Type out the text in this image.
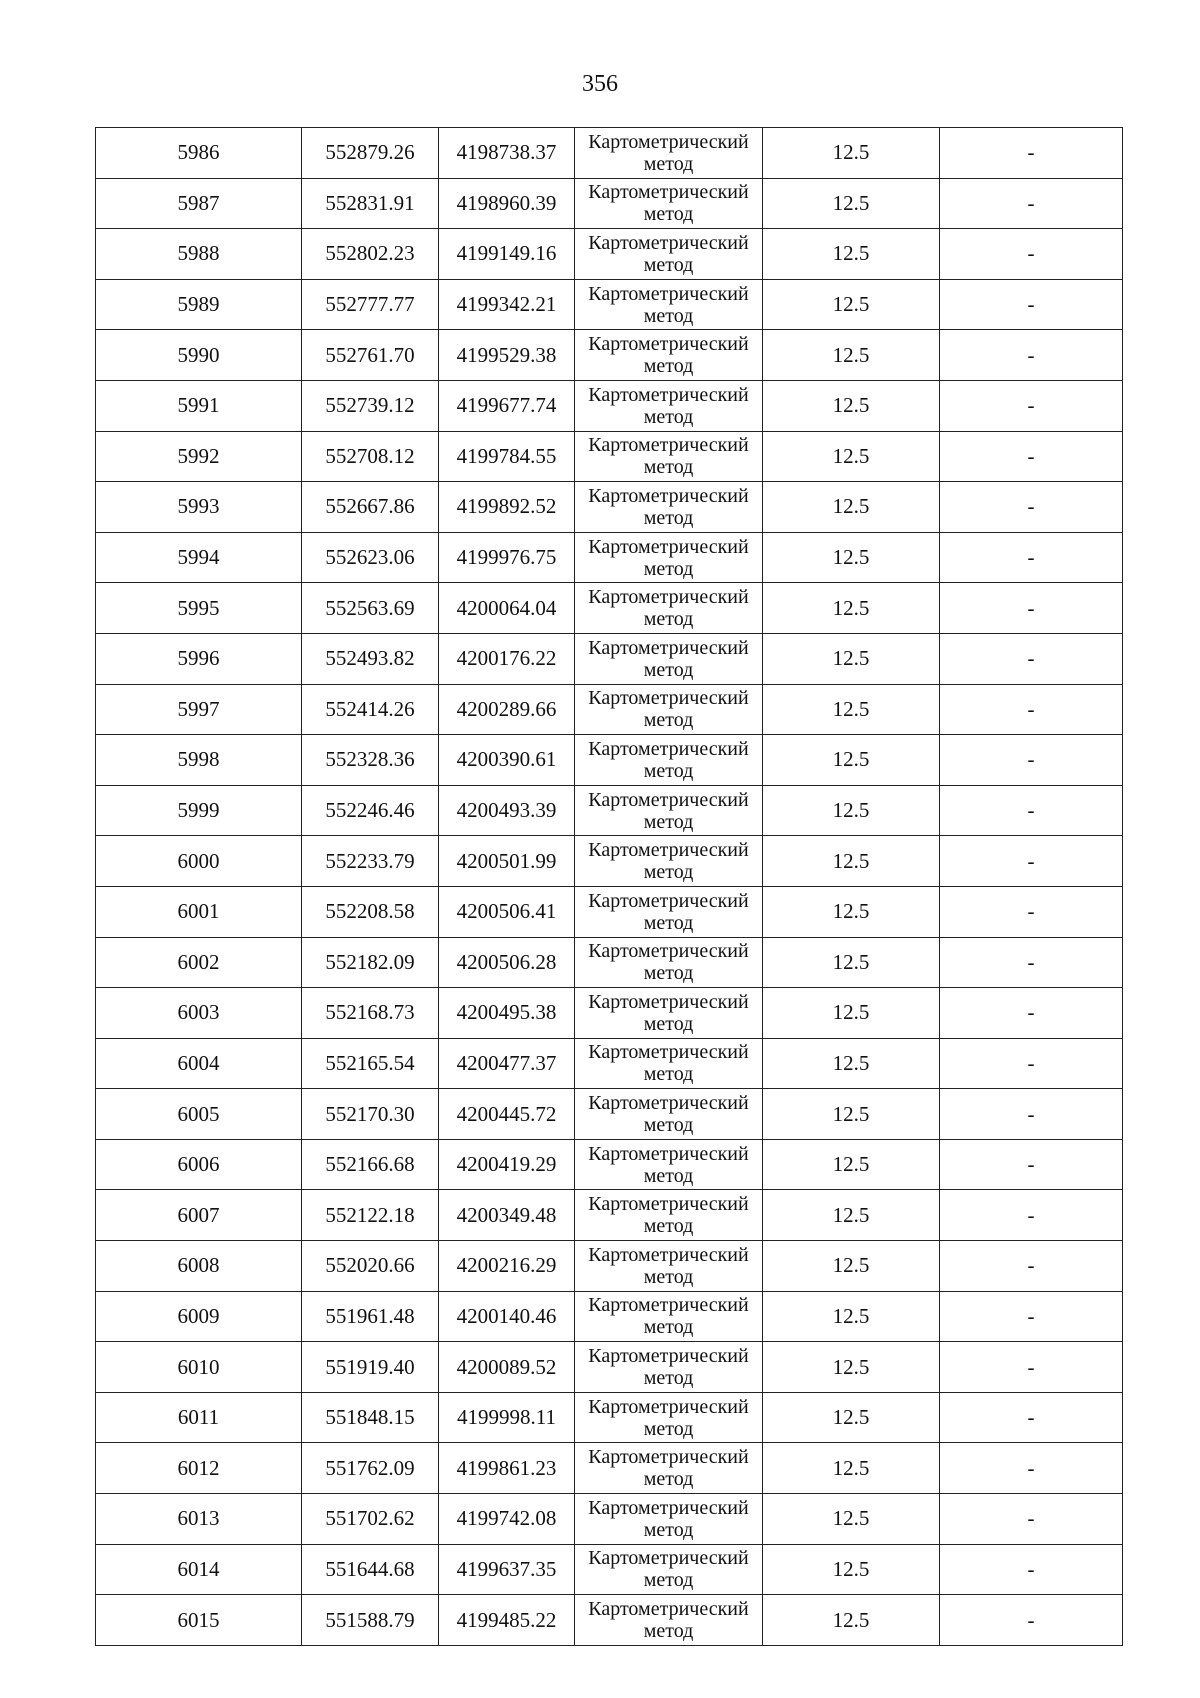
356
5986	552879.26	4198738.37	Картометрический метод	12.5	-
5987	552831.91	4198960.39	Картометрический метод	12.5	-
5988	552802.23	4199149.16	Картометрический метод	12.5	-
5989	552777.77	4199342.21	Картометрический метод	12.5	-
5990	552761.70	4199529.38	Картометрический метод	12.5	-
5991	552739.12	4199677.74	Картометрический метод	12.5	-
5992	552708.12	4199784.55	Картометрический метод	12.5	-
5993	552667.86	4199892.52	Картометрический метод	12.5	-
5994	552623.06	4199976.75	Картометрический метод	12.5	-
5995	552563.69	4200064.04	Картометрический метод	12.5	-
5996	552493.82	4200176.22	Картометрический метод	12.5	-
5997	552414.26	4200289.66	Картометрический метод	12.5	-
5998	552328.36	4200390.61	Картометрический метод	12.5	-
5999	552246.46	4200493.39	Картометрический метод	12.5	-
6000	552233.79	4200501.99	Картометрический метод	12.5	-
6001	552208.58	4200506.41	Картометрический метод	12.5	-
6002	552182.09	4200506.28	Картометрический метод	12.5	-
6003	552168.73	4200495.38	Картометрический метод	12.5	-
6004	552165.54	4200477.37	Картометрический метод	12.5	-
6005	552170.30	4200445.72	Картометрический метод	12.5	-
6006	552166.68	4200419.29	Картометрический метод	12.5	-
6007	552122.18	4200349.48	Картометрический метод	12.5	-
6008	552020.66	4200216.29	Картометрический метод	12.5	-
6009	551961.48	4200140.46	Картометрический метод	12.5	-
6010	551919.40	4200089.52	Картометрический метод	12.5	-
6011	551848.15	4199998.11	Картометрический метод	12.5	-
6012	551762.09	4199861.23	Картометрический метод	12.5	-
6013	551702.62	4199742.08	Картометрический метод	12.5	-
6014	551644.68	4199637.35	Картометрический метод	12.5	-
6015	551588.79	4199485.22	Картометрический метод	12.5	-
